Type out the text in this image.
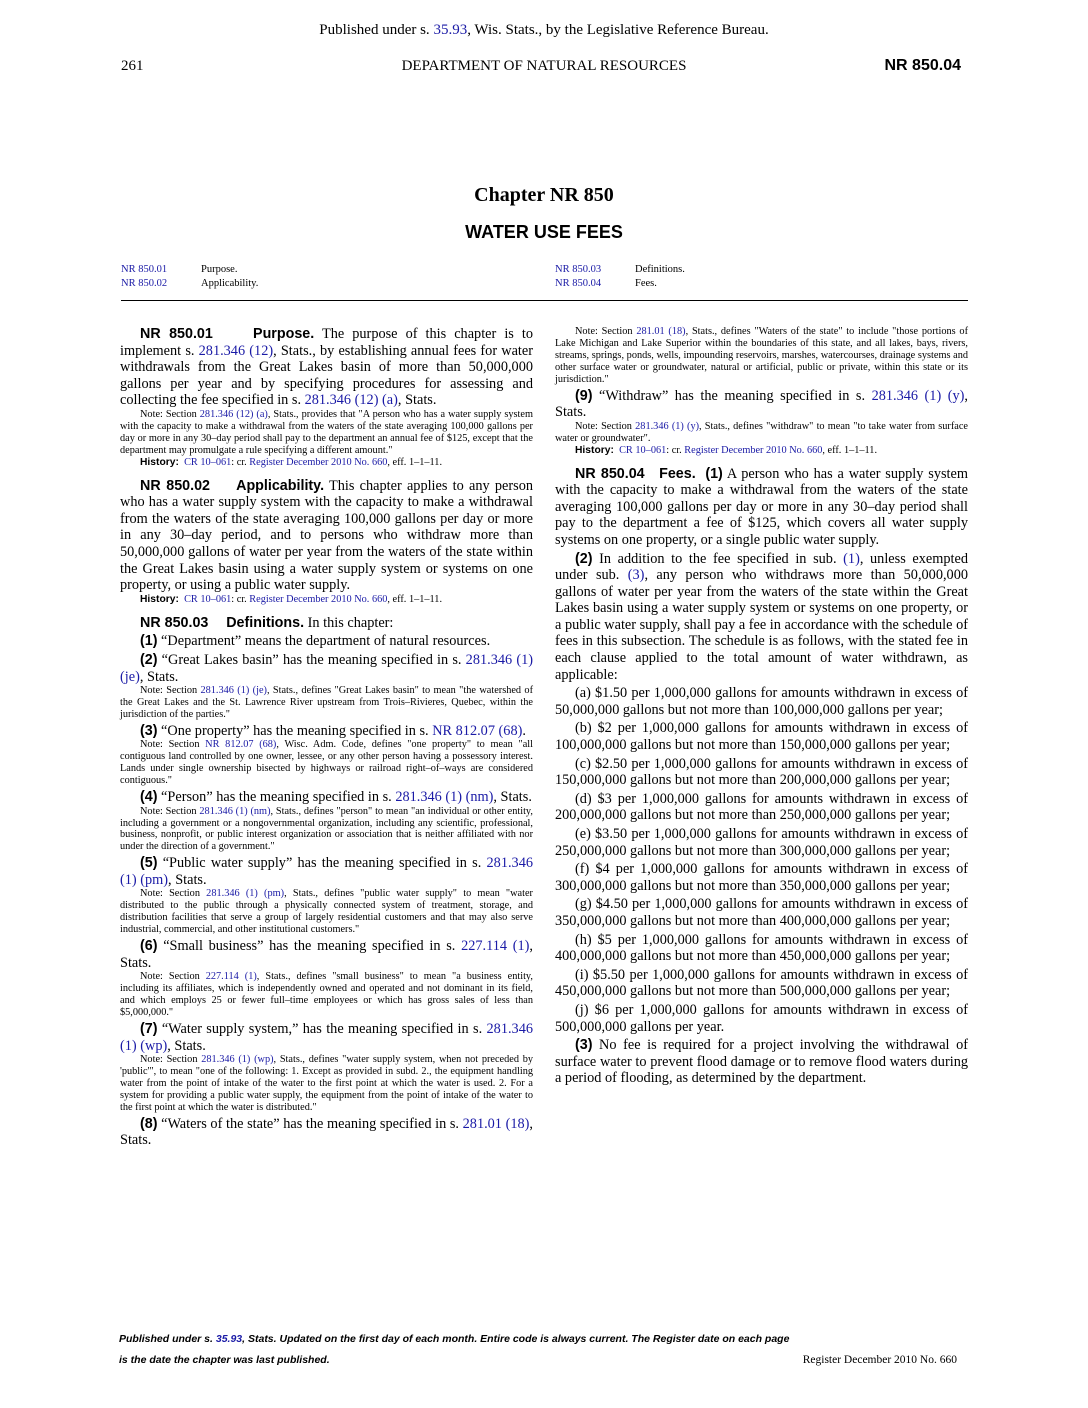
Published under s. 35.93, Wis. Stats., by the Legislative Reference Bureau.
261	DEPARTMENT OF NATURAL RESOURCES	NR 850.04
Chapter NR 850
WATER USE FEES
NR 850.01	Purpose.
NR 850.02	Applicability.
NR 850.03	Definitions.
NR 850.04	Fees.

NR 850.01	Purpose. The purpose of this chapter is to implement s. 281.346 (12), Stats., by establishing annual fees for water withdrawals from the Great Lakes basin of more than 50,000,000 gallons per year and by specifying procedures for assessing and collecting the fee specified in s. 281.346 (12) (a), Stats.

Note: Section 281.346 (12) (a), Stats., provides that "A person who has a water supply system with the capacity to make a withdrawal from the waters of the state averaging 100,000 gallons per day or more in any 30–day period shall pay to the department an annual fee of $125, except that the department may promulgate a rule specifying a different amount."

History: CR 10–061: cr. Register December 2010 No. 660, eff. 1–1–11.

NR 850.02 Applicability. This chapter applies to any person who has a water supply system with the capacity to make a withdrawal from the waters of the state averaging 100,000 gallons per day or more in any 30–day period, and to persons who withdraw more than 50,000,000 gallons of water per year from the waters of the state within the Great Lakes basin using a water supply system or systems on one property, or using a public water supply.

History: CR 10–061: cr. Register December 2010 No. 660, eff. 1–1–11.

NR 850.03 Definitions. In this chapter:

(1) “Department” means the department of natural resources.

(2) “Great Lakes basin” has the meaning specified in s. 281.346 (1) (je), Stats.

Note: Section 281.346 (1) (je), Stats., defines "Great Lakes basin" to mean "the watershed of the Great Lakes and the St. Lawrence River upstream from Trois–Rivieres, Quebec, within the jurisdiction of the parties."

(3) “One property” has the meaning specified in s. NR 812.07 (68).

Note: Section NR 812.07 (68), Wisc. Adm. Code, defines "one property" to mean "all contiguous land controlled by one owner, lessee, or any other person having a possessory interest. Lands under single ownership bisected by highways or railroad right–of–ways are considered contiguous."

(4) “Person” has the meaning specified in s. 281.346 (1) (nm), Stats.

Note: Section 281.346 (1) (nm), Stats., defines "person" to mean "an individual or other entity, including a government or a nongovernmental organization, including any scientific, professional, business, nonprofit, or public interest organization or association that is neither affiliated with nor under the direction of a government."

(5) “Public water supply” has the meaning specified in s. 281.346 (1) (pm), Stats.

Note: Section 281.346 (1) (pm), Stats., defines "public water supply" to mean "water distributed to the public through a physically connected system of treatment, storage, and distribution facilities that serve a group of largely residential customers and that may also serve industrial, commercial, and other institutional customers."

(6) “Small business” has the meaning specified in s. 227.114 (1), Stats.

Note: Section 227.114 (1), Stats., defines "small business" to mean "a business entity, including its affiliates, which is independently owned and operated and not dominant in its field, and which employs 25 or fewer full–time employees or which has gross sales of less than $5,000,000."

(7) “Water supply system,” has the meaning specified in s. 281.346 (1) (wp), Stats.

Note: Section 281.346 (1) (wp), Stats., defines "water supply system, when not preceded by 'public'", to mean "one of the following: 1. Except as provided in subd. 2., the equipment handling water from the point of intake of the water to the first point at which the water is used. 2. For a system for providing a public water supply, the equipment from the point of intake of the water to the first point at which the water is distributed."

(8) “Waters of the state” has the meaning specified in s. 281.01 (18), Stats.

Note: Section 281.01 (18), Stats., defines "Waters of the state" to include "those portions of Lake Michigan and Lake Superior within the boundaries of this state, and all lakes, bays, rivers, streams, springs, ponds, wells, impounding reservoirs, marshes, watercourses, drainage systems and other surface water or groundwater, natural or artificial, public or private, within this state or its jurisdiction."

(9) “Withdraw” has the meaning specified in s. 281.346 (1) (y), Stats.

Note: Section 281.346 (1) (y), Stats., defines "withdraw" to mean "to take water from surface water or groundwater".

History: CR 10–061: cr. Register December 2010 No. 660, eff. 1–1–11.

NR 850.04 Fees. (1) A person who has a water supply system with the capacity to make a withdrawal from the waters of the state averaging 100,000 gallons per day or more in any 30–day period shall pay to the department a fee of $125, which covers all water supply systems on one property, or a single public water supply.

(2) In addition to the fee specified in sub. (1), unless exempted under sub. (3), any person who withdraws more than 50,000,000 gallons of water per year from the waters of the state within the Great Lakes basin using a water supply system or systems on one property, or a public water supply, shall pay a fee in accordance with the schedule of fees in this subsection. The schedule is as follows, with the stated fee in each clause applied to the total amount of water withdrawn, as applicable:

(a) $1.50 per 1,000,000 gallons for amounts withdrawn in excess of 50,000,000 gallons but not more than 100,000,000 gallons per year;

(b) $2 per 1,000,000 gallons for amounts withdrawn in excess of 100,000,000 gallons but not more than 150,000,000 gallons per year;

(c) $2.50 per 1,000,000 gallons for amounts withdrawn in excess of 150,000,000 gallons but not more than 200,000,000 gallons per year;

(d) $3 per 1,000,000 gallons for amounts withdrawn in excess of 200,000,000 gallons but not more than 250,000,000 gallons per year;

(e) $3.50 per 1,000,000 gallons for amounts withdrawn in excess of 250,000,000 gallons but not more than 300,000,000 gallons per year;

(f) $4 per 1,000,000 gallons for amounts withdrawn in excess of 300,000,000 gallons but not more than 350,000,000 gallons per year;

(g) $4.50 per 1,000,000 gallons for amounts withdrawn in excess of 350,000,000 gallons but not more than 400,000,000 gallons per year;

(h) $5 per 1,000,000 gallons for amounts withdrawn in excess of 400,000,000 gallons but not more than 450,000,000 gallons per year;

(i) $5.50 per 1,000,000 gallons for amounts withdrawn in excess of 450,000,000 gallons but not more than 500,000,000 gallons per year;

(j) $6 per 1,000,000 gallons for amounts withdrawn in excess of 500,000,000 gallons per year.

(3) No fee is required for a project involving the withdrawal of surface water to prevent flood damage or to remove flood waters during a period of flooding, as determined by the department.

Published under s. 35.93, Stats. Updated on the first day of each month. Entire code is always current. The Register date on each page
is the date the chapter was last published.	Register December 2010 No. 660
